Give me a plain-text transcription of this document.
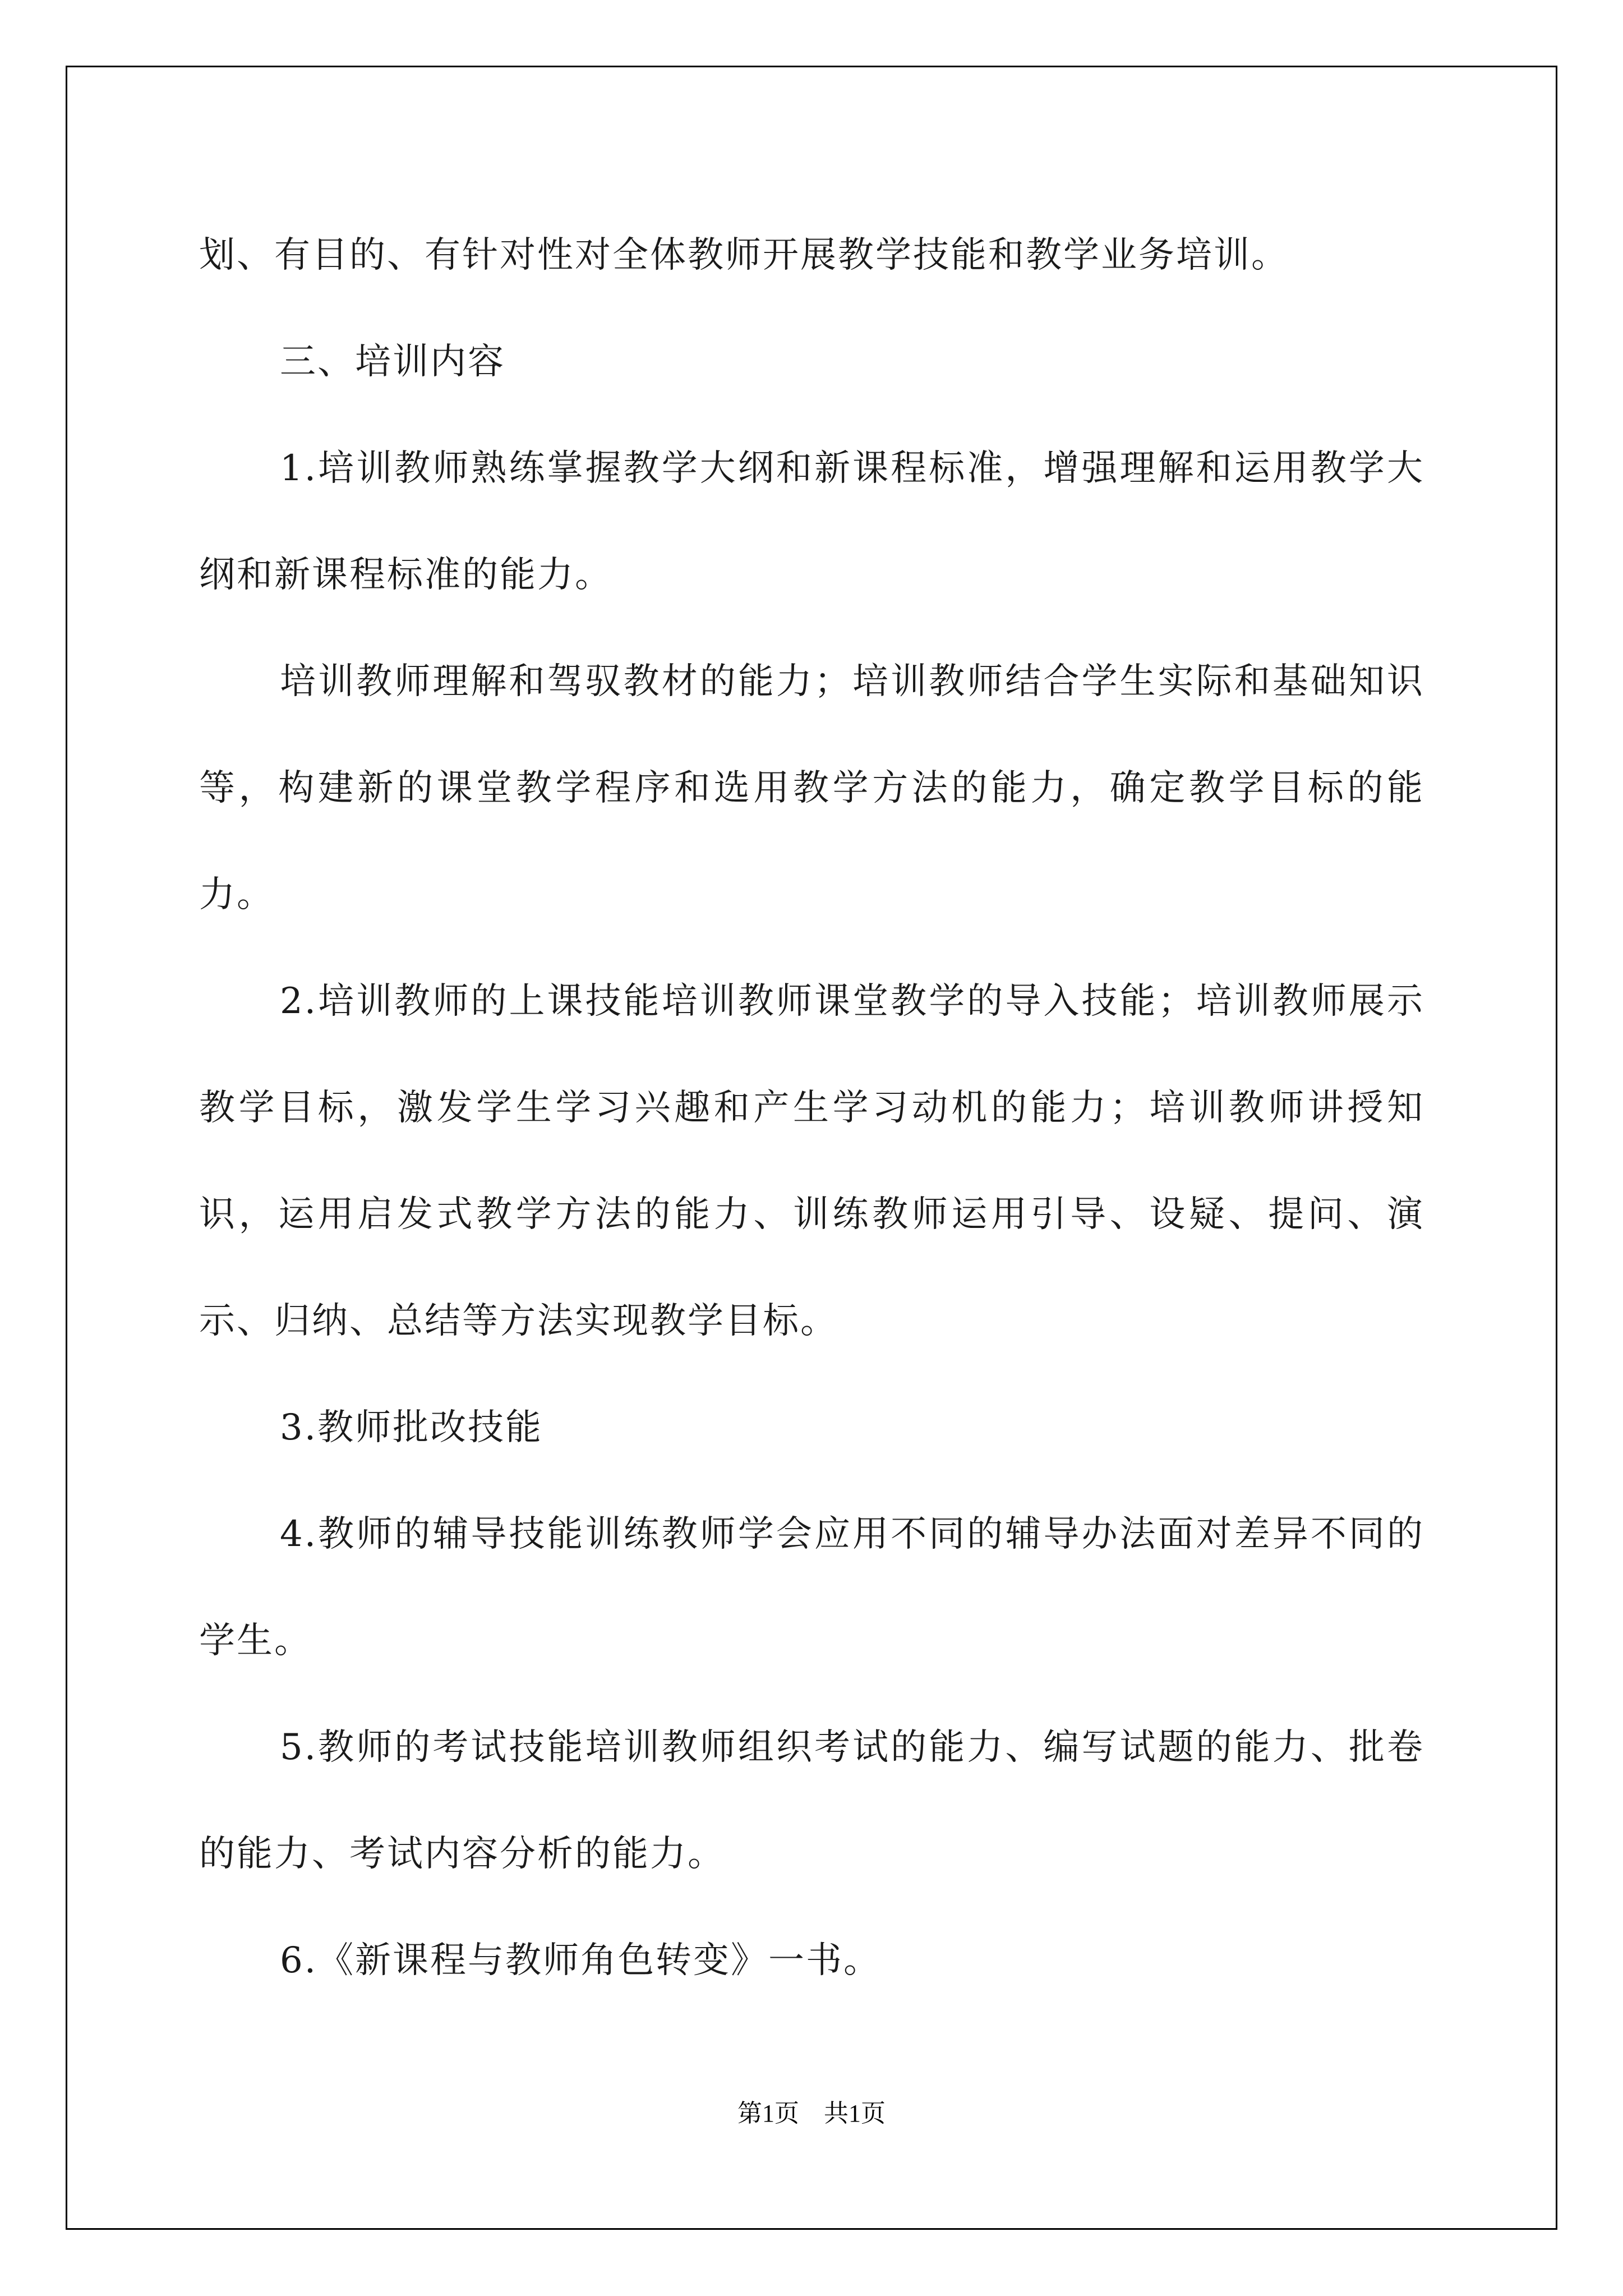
划、有目的、有针对性对全体教师开展教学技能和教学业务培训。

三、培训内容

1.培训教师熟练掌握教学大纲和新课程标准，增强理解和运用教学大纲和新课程标准的能力。

培训教师理解和驾驭教材的能力；培训教师结合学生实际和基础知识等，构建新的课堂教学程序和选用教学方法的能力，确定教学目标的能力。

2.培训教师的上课技能培训教师课堂教学的导入技能；培训教师展示教学目标，激发学生学习兴趣和产生学习动机的能力；培训教师讲授知识，运用启发式教学方法的能力、训练教师运用引导、设疑、提问、演示、归纳、总结等方法实现教学目标。

3.教师批改技能

4.教师的辅导技能训练教师学会应用不同的辅导办法面对差异不同的学生。

5.教师的考试技能培训教师组织考试的能力、编写试题的能力、批卷的能力、考试内容分析的能力。

6.《新课程与教师角色转变》一书。

第1页　共1页
